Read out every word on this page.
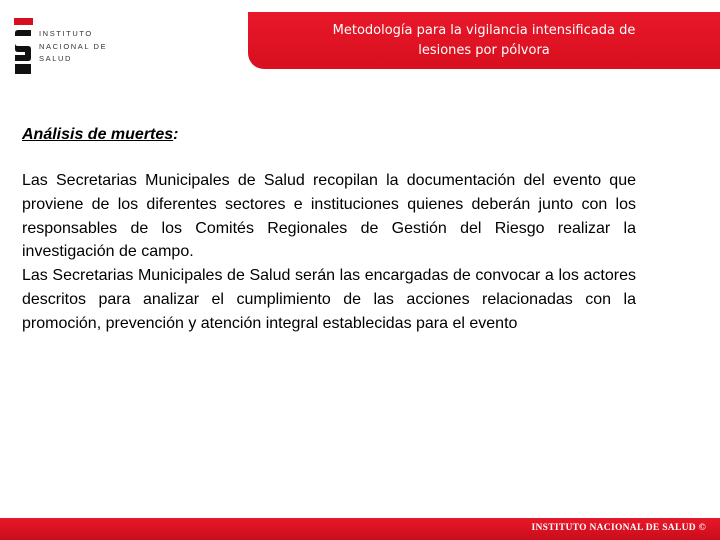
INSTITUTO
NACIONAL DE
SALUD
Metodología para la vigilancia intensificada de
lesiones por pólvora

Análisis de muertes:

Las Secretarias Municipales de Salud recopilan la documentación del evento que proviene de los diferentes sectores e instituciones quienes deberán junto con los responsables de los Comités Regionales de Gestión del Riesgo realizar la investigación de campo.

Las Secretarias Municipales de Salud serán las encargadas de convocar a los actores descritos para analizar el cumplimiento de las acciones relacionadas con la promoción, prevención y atención integral establecidas para el evento

INSTITUTO NACIONAL DE SALUD ©
